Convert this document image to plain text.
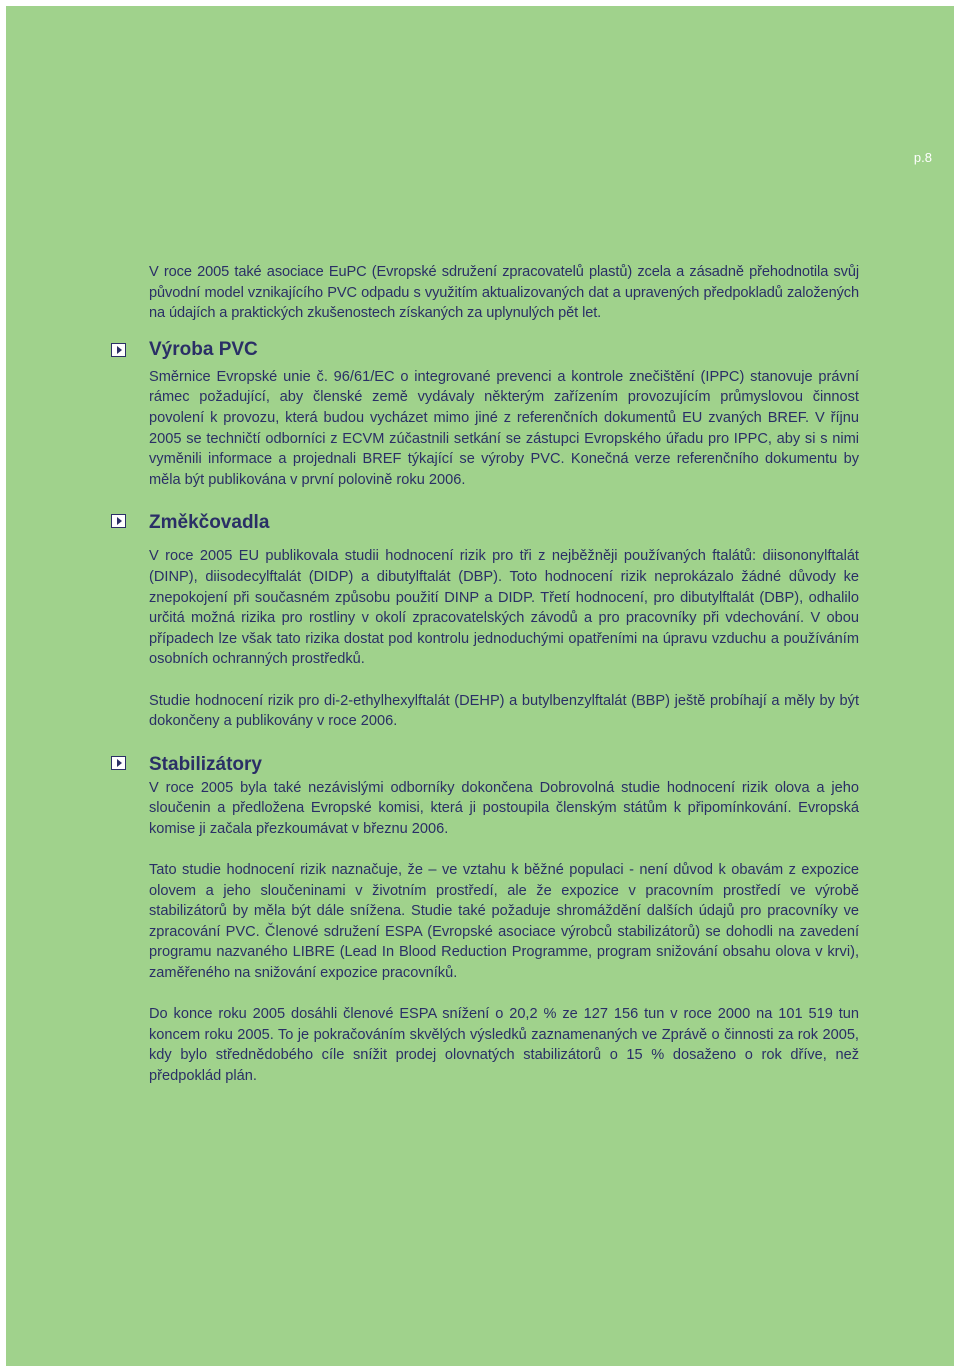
p.8

V roce 2005 také asociace EuPC (Evropské sdružení zpracovatelů plastů) zcela a zásadně přehodnotila svůj původní model vznikajícího PVC odpadu s využitím aktualizovaných dat a upravených předpokladů založených na údajích a praktických zkušenostech získaných za uplynulých pět let.

Výroba PVC

Směrnice Evropské unie č. 96/61/EC o integrované prevenci a kontrole znečištění (IPPC) stanovuje právní rámec požadující, aby členské země vydávaly některým zařízením provozujícím průmyslovou činnost povolení k provozu, která budou vycházet mimo jiné z referenčních dokumentů EU zvaných BREF. V říjnu 2005 se techničtí odborníci z ECVM zúčastnili setkání se zástupci Evropského úřadu pro IPPC, aby si s nimi vyměnili informace a projednali BREF týkající se výroby PVC. Konečná verze referenčního dokumentu by měla být publikována v první polovině roku 2006.

Změkčovadla

V roce 2005 EU publikovala studii hodnocení rizik pro tři z nejběžněji používaných ftalátů: diisononylftalát (DINP), diisodecylftalát (DIDP) a dibutylftalát (DBP). Toto hodnocení rizik neprokázalo žádné důvody ke znepokojení při současném způsobu použití DINP a DIDP. Třetí hodnocení, pro dibutylftalát (DBP), odhalilo určitá možná rizika pro rostliny v okolí zpracovatelských závodů a pro pracovníky při vdechování. V obou případech lze však tato rizika dostat pod kontrolu jednoduchými opatřeními na úpravu vzduchu a používáním osobních ochranných prostředků.

Studie hodnocení rizik pro di-2-ethylhexylftalát (DEHP) a butylbenzylftalát (BBP) ještě probíhají a měly by být dokončeny a publikovány v roce 2006.

Stabilizátory

V roce 2005 byla také nezávislými odborníky dokončena Dobrovolná studie hodnocení rizik olova a jeho sloučenin a předložena Evropské komisi, která ji postoupila členským státům k připomínkování. Evropská komise ji začala přezkoumávat v březnu 2006.

Tato studie hodnocení rizik naznačuje, že – ve vztahu k běžné populaci - není důvod k obavám z expozice olovem a jeho sloučeninami v životním prostředí, ale že expozice v pracovním prostředí ve výrobě stabilizátorů by měla být dále snížena. Studie také požaduje shromáždění dalších údajů pro pracovníky ve zpracování PVC. Členové sdružení ESPA (Evropské asociace výrobců stabilizátorů) se dohodli na zavedení programu nazvaného LIBRE (Lead In Blood Reduction Programme, program snižování obsahu olova v krvi), zaměřeného na snižování expozice pracovníků.

Do konce roku 2005 dosáhli členové ESPA snížení o 20,2 % ze 127 156 tun v roce 2000 na 101 519 tun koncem roku 2005. To je pokračováním skvělých výsledků zaznamenaných ve Zprávě o činnosti za rok 2005, kdy bylo střednědobého cíle snížit prodej olovnatých stabilizátorů o 15 % dosaženo o rok dříve, než předpoklád plán.
